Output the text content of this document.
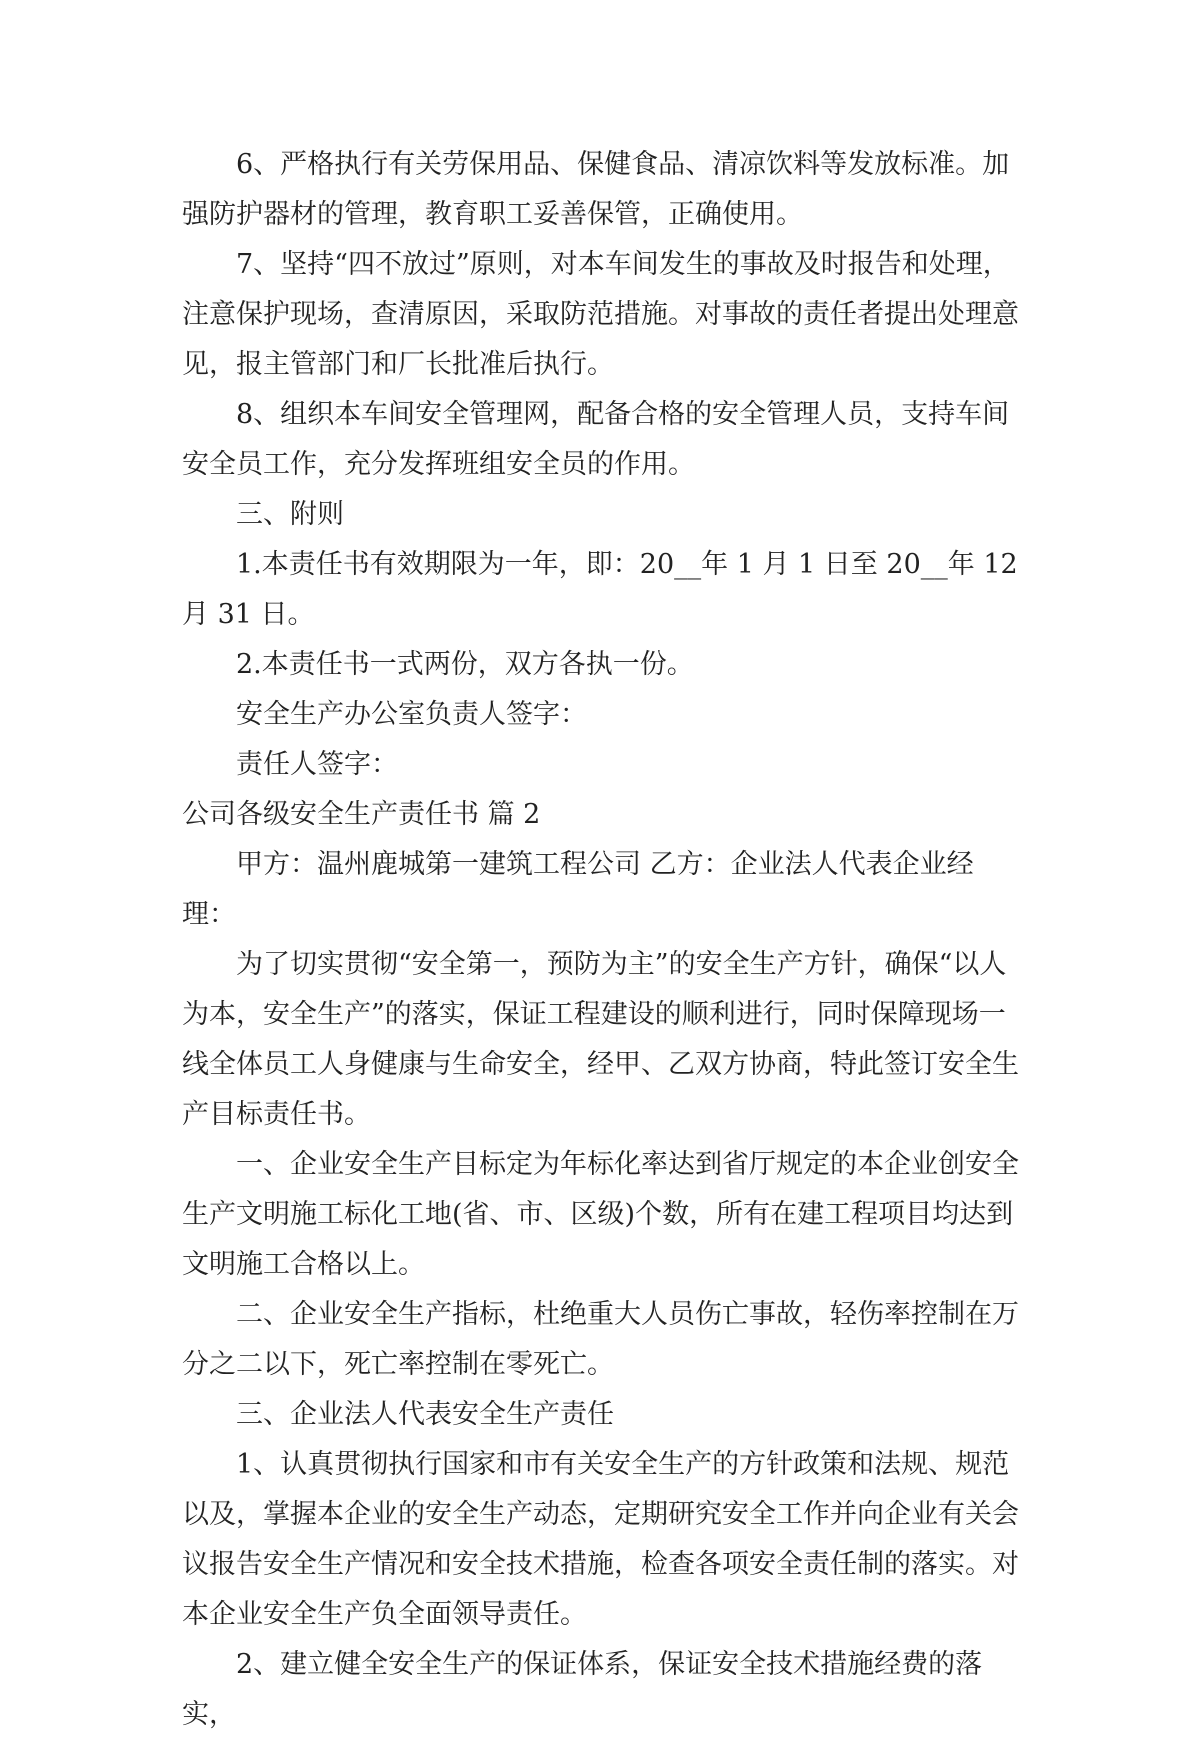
6、严格执行有关劳保用品、保健食品、清凉饮料等发放标准。加强防护器材的管理，教育职工妥善保管，正确使用。

7、坚持“四不放过”原则，对本车间发生的事故及时报告和处理，注意保护现场，查清原因，采取防范措施。对事故的责任者提出处理意见，报主管部门和厂长批准后执行。

8、组织本车间安全管理网，配备合格的安全管理人员，支持车间安全员工作，充分发挥班组安全员的作用。

三、附则

1.本责任书有效期限为一年，即：20__年 1 月 1 日至 20__年 12 月 31 日。

2.本责任书一式两份，双方各执一份。

安全生产办公室负责人签字：

责任人签字：

公司各级安全生产责任书 篇 2

甲方：温州鹿城第一建筑工程公司 乙方：企业法人代表企业经理：

为了切实贯彻“安全第一，预防为主”的安全生产方针，确保“以人为本，安全生产”的落实，保证工程建设的顺利进行，同时保障现场一线全体员工人身健康与生命安全，经甲、乙双方协商，特此签订安全生产目标责任书。

一、企业安全生产目标定为年标化率达到省厅规定的本企业创安全生产文明施工标化工地(省、市、区级)个数，所有在建工程项目均达到文明施工合格以上。

二、企业安全生产指标，杜绝重大人员伤亡事故，轻伤率控制在万分之二以下，死亡率控制在零死亡。

三、企业法人代表安全生产责任

1、认真贯彻执行国家和市有关安全生产的方针政策和法规、规范以及，掌握本企业的安全生产动态，定期研究安全工作并向企业有关会议报告安全生产情况和安全技术措施，检查各项安全责任制的落实。对本企业安全生产负全面领导责任。

2、建立健全安全生产的保证体系，保证安全技术措施经费的落实，
